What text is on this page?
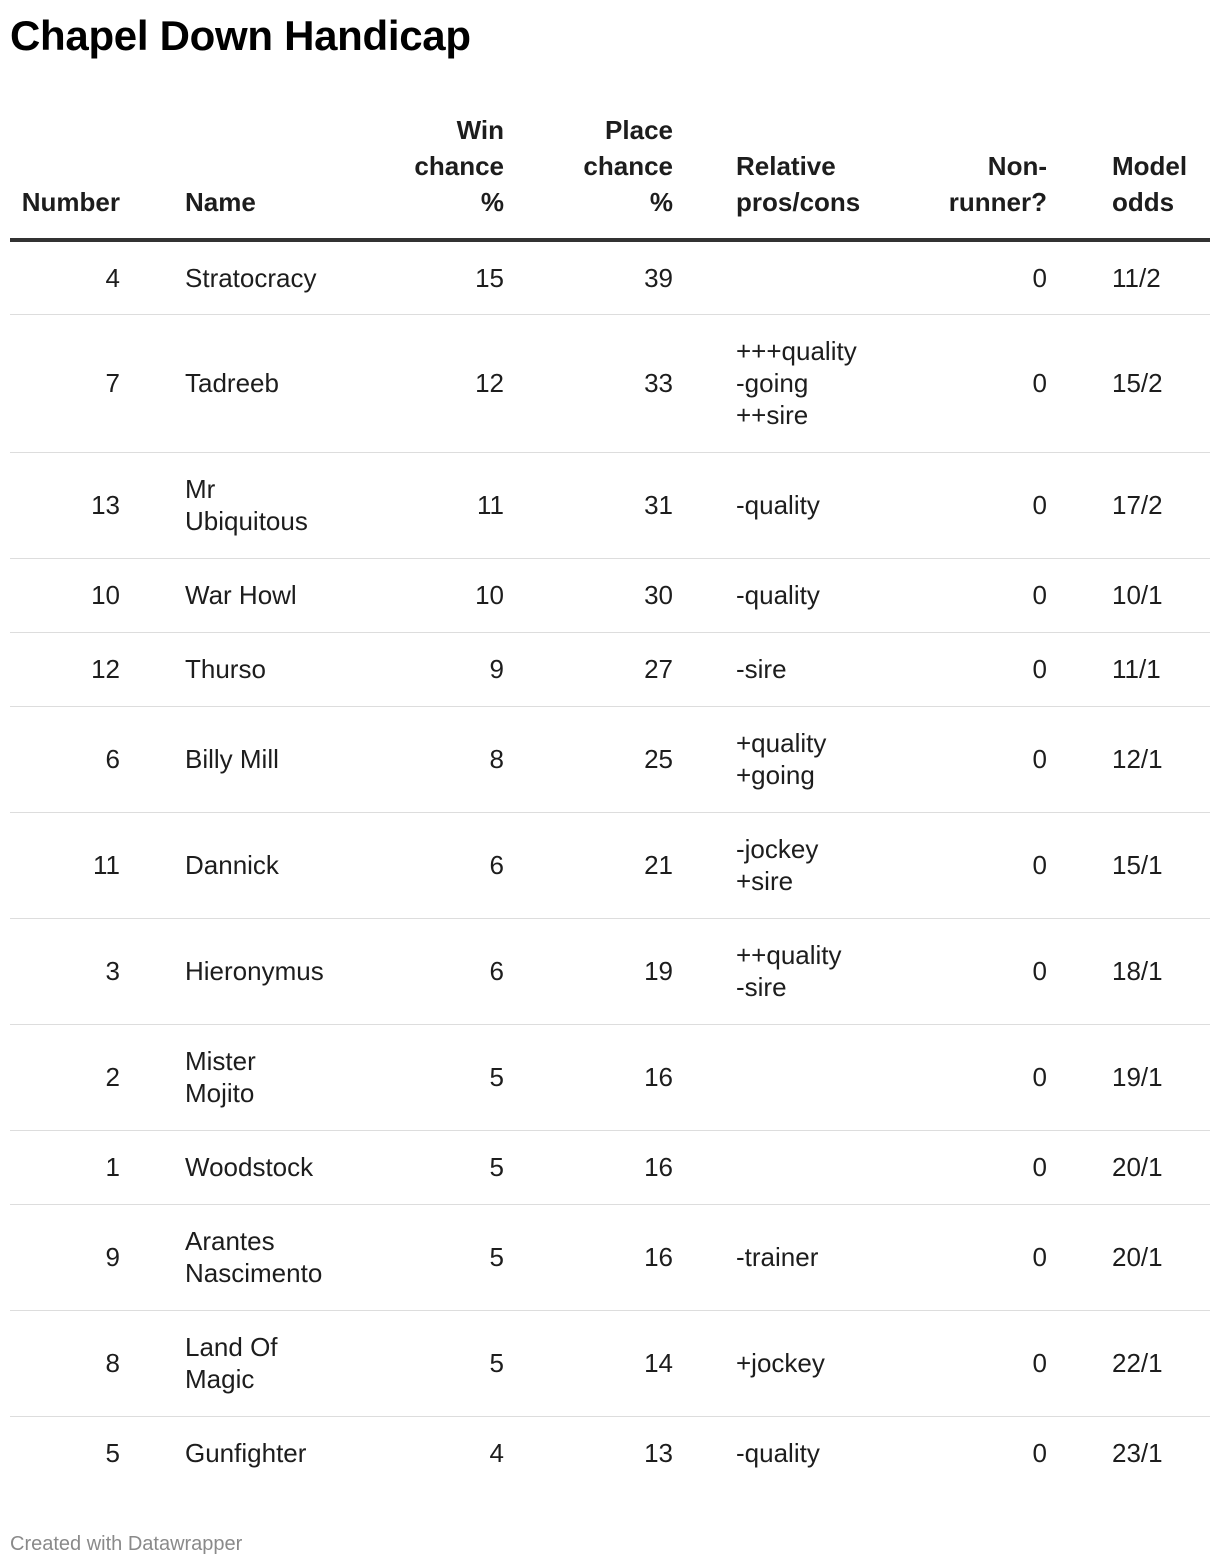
Chapel Down Handicap
Number		Name	Win
chance
%	Place
chance
%		Relative
pros/cons	Non-
runner?		Model
odds
4		Stratocracy	15	39			0		11/2
7		Tadreeb	12	33		+++quality
-going
++sire	0		15/2
13		Mr
Ubiquitous	11	31		-quality	0		17/2
10		War Howl	10	30		-quality	0		10/1
12		Thurso	9	27		-sire	0		11/1
6		Billy Mill	8	25		+quality
+going	0		12/1
11		Dannick	6	21		-jockey
+sire	0		15/1
3		Hieronymus	6	19		++quality
-sire	0		18/1
2		Mister
Mojito	5	16			0		19/1
1		Woodstock	5	16			0		20/1
9		Arantes
Nascimento	5	16		-trainer	0		20/1
8		Land Of
Magic	5	14		+jockey	0		22/1
5		Gunfighter	4	13		-quality	0		23/1
Created with Datawrapper
